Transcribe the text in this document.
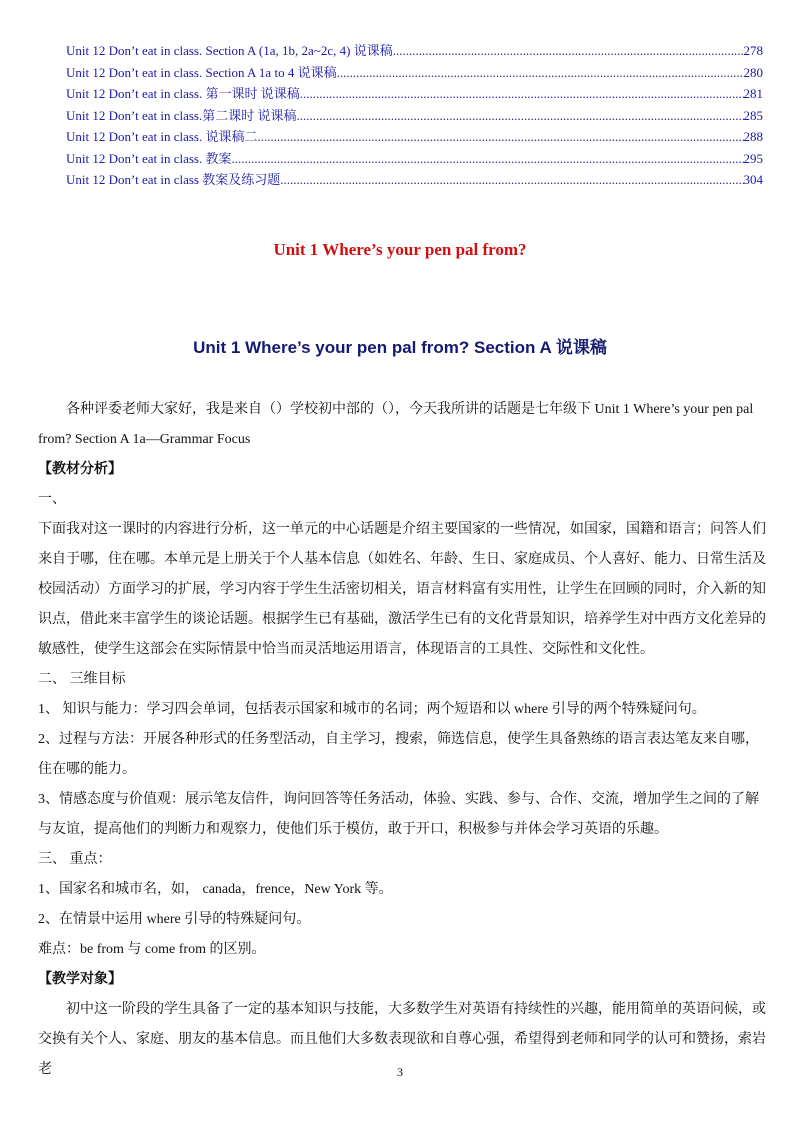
Unit 12 Don’t eat in class. Section A (1a, 1b, 2a~2c, 4) 说课稿 .....	278
Unit 12 Don’t eat in class. Section A 1a to 4 说课稿 .....	280
Unit 12 Don’t eat in class. 第一课时 说课稿 .....	281
Unit 12 Don’t eat in class.第二课时 说课稿 .....	285
Unit 12 Don’t eat in class. 说课稿二 .....	288
Unit 12 Don’t eat in class. 教案 .....	295
Unit 12 Don’t eat in class 教案及练习题 .....	304
Unit 1 Where’s your pen pal from?
Unit 1 Where’s your pen pal from? Section A 说课稿

各种评委老师大家好，我是来自（）学校初中部的（），今天我所讲的话题是七年级下 Unit 1 Where’s your pen pal from? Section A 1a—Grammar Focus

【教材分析】

一、

下面我对这一课时的内容进行分析，这一单元的中心话题是介绍主要国家的一些情况，如国家，国籍和语言；问答人们来自于哪，住在哪。本单元是上册关于个人基本信息（如姓名、年龄、生日、家庭成员、个人喜好、能力、日常生活及校园活动）方面学习的扩展，学习内容于学生生活密切相关，语言材料富有实用性，让学生在回顾的同时，介入新的知识点，借此来丰富学生的谈论话题。根据学生已有基础，激活学生已有的文化背景知识，培养学生对中西方文化差异的敏感性，使学生这部会在实际情景中恰当而灵活地运用语言，体现语言的工具性、交际性和文化性。

二、 三维目标

1、 知识与能力：学习四会单词，包括表示国家和城市的名词；两个短语和以 where 引导的两个特殊疑问句。

2、过程与方法：开展各种形式的任务型活动，自主学习，搜索，筛选信息，使学生具备熟练的语言表达笔友来自哪，住在哪的能力。

3、情感态度与价值观：展示笔友信件，询问回答等任务活动，体验、实践、参与、合作、交流，增加学生之间的了解与友谊，提高他们的判断力和观察力，使他们乐于模仿，敢于开口，积极参与并体会学习英语的乐趣。

三、 重点：

1、国家名和城市名，如， canada，frence，New York 等。

2、在情景中运用 where 引导的特殊疑问句。

难点：be from 与 come from 的区别。

【教学对象】

初中这一阶段的学生具备了一定的基本知识与技能，大多数学生对英语有持续性的兴趣，能用简单的英语问候，或交换有关个人、家庭、朋友的基本信息。而且他们大多数表现欲和自尊心强，希望得到老师和同学的认可和赞扬，索岩老	3
